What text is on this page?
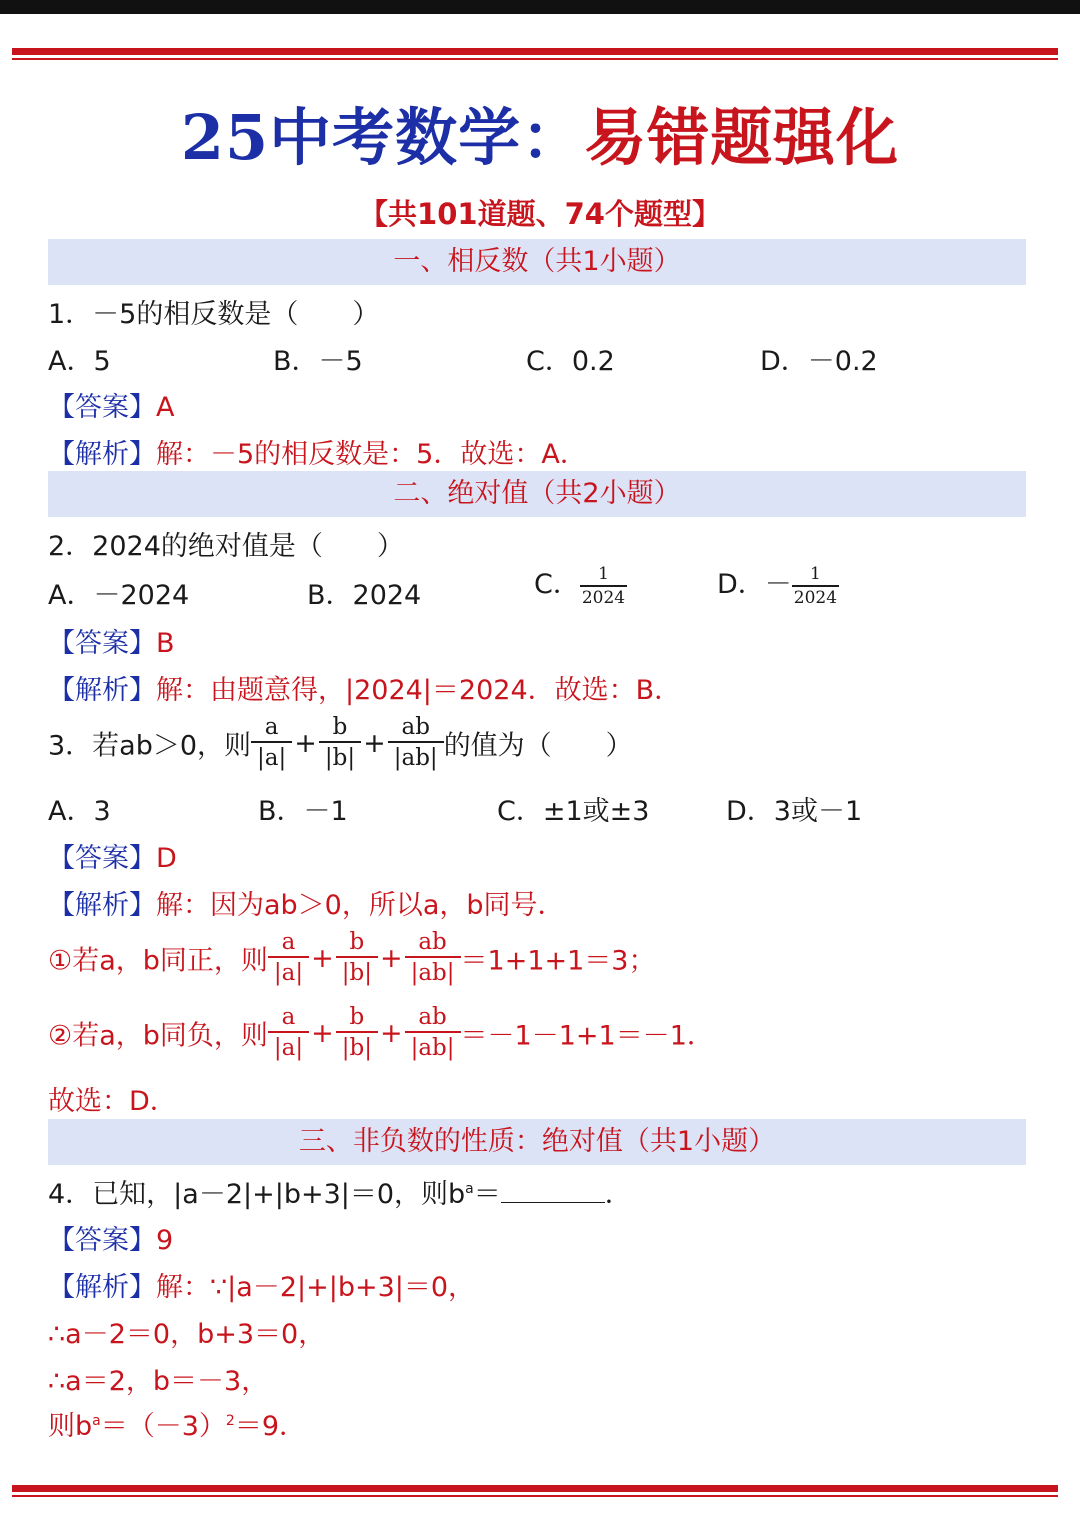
25中考数学：易错题强化
【共101道题、74个题型】
一、相反数（共1小题）
1．－5的相反数是（　　）
A．5	B．－5	C．0.2	D．－0.2
【答案】A
【解析】解：－5的相反数是：5．故选：A．
二、绝对值（共2小题）
2．2024的绝对值是（　　）
A．－2024	B．2024	C． $\frac{1}{2024}$	D．－ $\frac{1}{2024}$
【答案】B
【解析】解：由题意得，|2024|＝2024．故选：B．
3．若ab＞0，则 $\frac{a}{|a|} + \frac{b}{|b|} + \frac{ab}{|ab|}$ 的值为（　　）
A．3	B．－1	C．±1或±3	D．3或－1
【答案】D
【解析】解：因为ab＞0，所以a，b同号．
①若a，b同正，则 $\frac{a}{|a|} + \frac{b}{|b|} + \frac{ab}{|ab|} =1+1+1=3$；
②若a，b同负，则 $\frac{a}{|a|} + \frac{b}{|b|} + \frac{ab}{|ab|} =-1-1+1=-1$．
故选：D．
三、非负数的性质：绝对值（共1小题）
4．已知，|a－2|+|b+3|＝0，则$b^a=$	．
【答案】9
【解析】解：∵|a－2|+|b+3|＝0，
∴a－2＝0，b+3＝0，
∴a＝2，b＝－3，
则$b^a=(-3)^2=9$．
